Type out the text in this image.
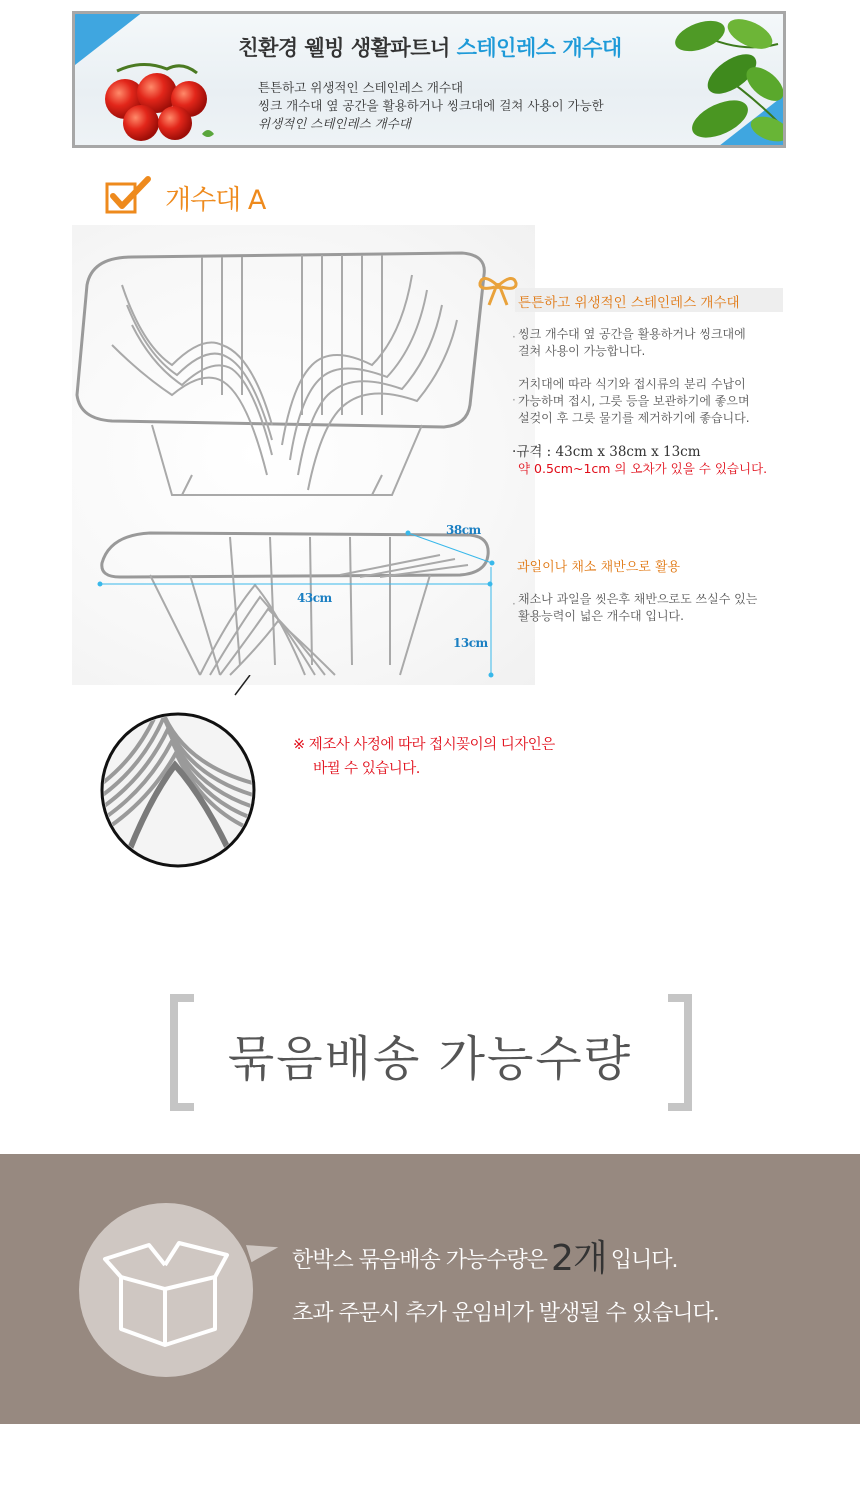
친환경 웰빙 생활파트너 스테인레스 개수대
튼튼하고 위생적인 스테인레스 개수대
씽크 개수대 옆 공간을 활용하거나 씽크대에 걸쳐 사용이 가능한
위생적인 스테인레스 개수대
개수대 A
38cm
43cm
13cm
튼튼하고 위생적인 스테인레스 개수대
· 씽크 개수대 옆 공간을 활용하거나 씽크대에
걸쳐 사용이 가능합니다.
·
거치대에 따라 식기와 접시류의 분리 수납이
가능하며 접시, 그릇 등을 보관하기에 좋으며
설겆이 후 그릇 물기를 제거하기에 좋습니다.
·규격 : 43cm x 38cm x 13cm
약 0.5cm~1cm 의 오차가 있을 수 있습니다.
과일이나 채소 채반으로 활용
· 채소나 과일을 씻은후 채반으로도 쓰실수 있는
활용능력이 넓은 개수대 입니다.
※ 제조사 사정에 따라 접시꽂이의 디자인은
바뀔 수 있습니다.
묶음배송 가능수량
한박스 묶음배송 가능수량은 2개 입니다.
초과 주문시 추가 운임비가 발생될 수 있습니다.
